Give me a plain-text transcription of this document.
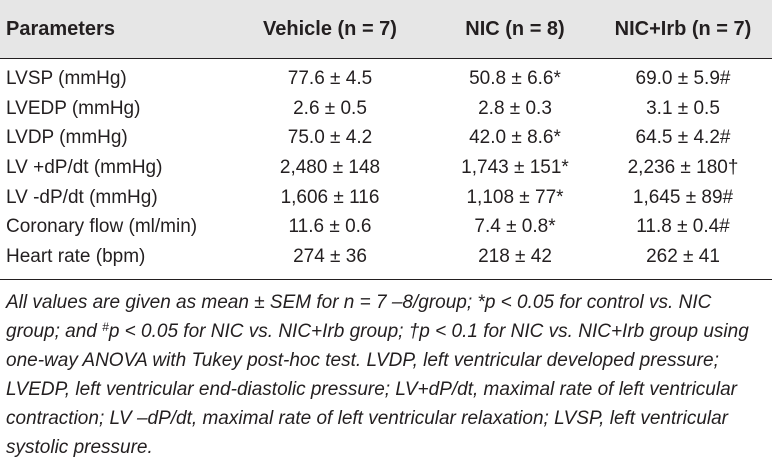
Parameters	Vehicle (n = 7)	NIC (n = 8)	NIC+Irb (n = 7)
LVSP (mmHg)	77.6 ± 4.5	50.8 ± 6.6*	69.0 ± 5.9#
LVEDP (mmHg)	2.6 ± 0.5	2.8 ± 0.3	3.1 ± 0.5
LVDP (mmHg)	75.0 ± 4.2	42.0 ± 8.6*	64.5 ± 4.2#
LV +dP/dt (mmHg)	2,480 ± 148	1,743 ± 151*	2,236 ± 180†
LV -dP/dt (mmHg)	1,606 ± 116	1,108 ± 77*	1,645 ± 89#
Coronary flow (ml/min)	11.6 ± 0.6	7.4 ± 0.8*	11.8 ± 0.4#
Heart rate (bpm)	274 ± 36	218 ± 42	262 ± 41
All values are given as mean ± SEM for n = 7 –8/group; *p < 0.05 for control vs. NIC group; and #p < 0.05 for NIC vs. NIC+Irb group; †p < 0.1 for NIC vs. NIC+Irb group using one-way ANOVA with Tukey post-hoc test. LVDP, left ventricular developed pressure; LVEDP, left ventricular end-diastolic pressure; LV+dP/dt, maximal rate of left ventricular contraction; LV –dP/dt, maximal rate of left ventricular relaxation; LVSP, left ventricular systolic pressure.
